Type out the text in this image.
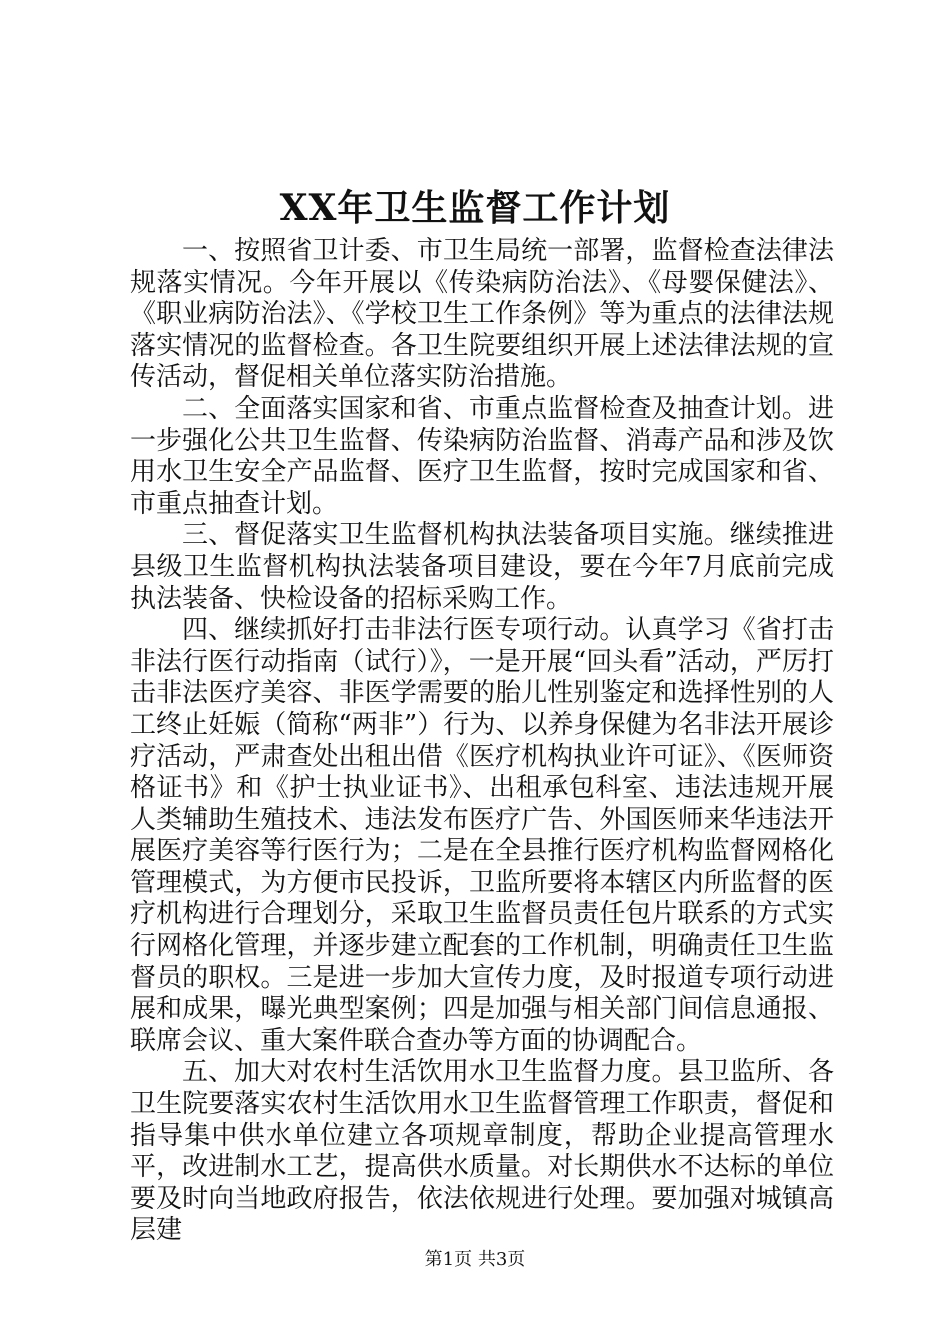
XX年卫生监督工作计划

一、按照省卫计委、市卫生局统一部署，监督检查法律法规落实情况。今年开展以《传染病防治法》、《母婴保健法》、《职业病防治法》、《学校卫生工作条例》等为重点的法律法规落实情况的监督检查。各卫生院要组织开展上述法律法规的宣传活动，督促相关单位落实防治措施。

二、全面落实国家和省、市重点监督检查及抽查计划。进一步强化公共卫生监督、传染病防治监督、消毒产品和涉及饮用水卫生安全产品监督、医疗卫生监督，按时完成国家和省、市重点抽查计划。

三、督促落实卫生监督机构执法装备项目实施。继续推进县级卫生监督机构执法装备项目建设，要在今年7月底前完成执法装备、快检设备的招标采购工作。

四、继续抓好打击非法行医专项行动。认真学习《省打击非法行医行动指南（试行）》，一是开展“回头看”活动，严厉打击非法医疗美容、非医学需要的胎儿性别鉴定和选择性别的人工终止妊娠（简称“两非”）行为、以养身保健为名非法开展诊疗活动，严肃查处出租出借《医疗机构执业许可证》、《医师资格证书》和《护士执业证书》、出租承包科室、违法违规开展人类辅助生殖技术、违法发布医疗广告、外国医师来华违法开展医疗美容等行医行为；二是在全县推行医疗机构监督网格化管理模式，为方便市民投诉，卫监所要将本辖区内所监督的医疗机构进行合理划分，采取卫生监督员责任包片联系的方式实行网格化管理，并逐步建立配套的工作机制，明确责任卫生监督员的职权。三是进一步加大宣传力度，及时报道专项行动进展和成果，曝光典型案例；四是加强与相关部门间信息通报、联席会议、重大案件联合查办等方面的协调配合。

五、加大对农村生活饮用水卫生监督力度。县卫监所、各卫生院要落实农村生活饮用水卫生监督管理工作职责，督促和指导集中供水单位建立各项规章制度，帮助企业提高管理水平，改进制水工艺，提高供水质量。对长期供水不达标的单位要及时向当地政府报告，依法依规进行处理。要加强对城镇高层建

第1页 共3页
